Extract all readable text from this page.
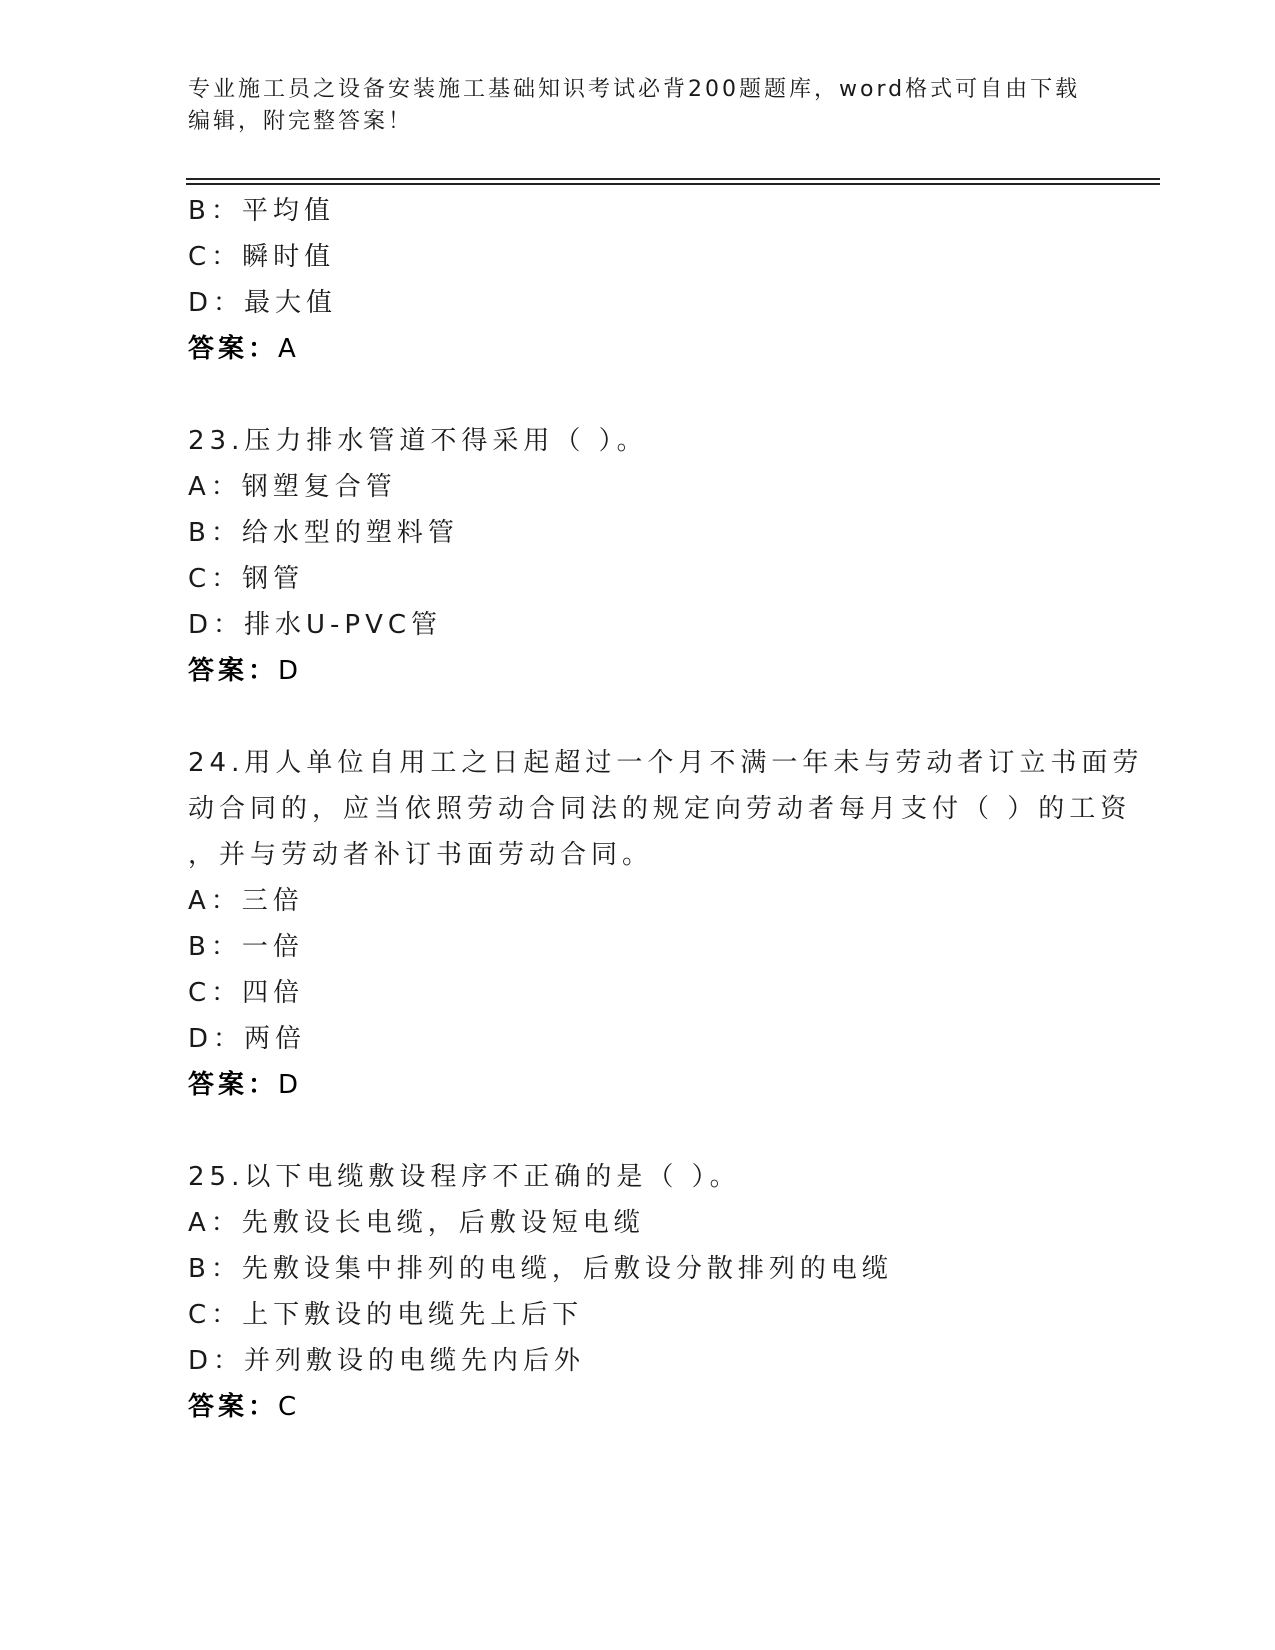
专业施工员之设备安装施工基础知识考试必背200题题库，word格式可自由下载
编辑，附完整答案！
B：平均值
C：瞬时值
D：最大值
答案：A
23.压力排水管道不得采用（ ）。
A：钢塑复合管
B：给水型的塑料管
C：钢管
D：排水U-PVC管
答案：D
24.用人单位自用工之日起超过一个月不满一年未与劳动者订立书面劳
动合同的，应当依照劳动合同法的规定向劳动者每月支付（ ）的工资
，并与劳动者补订书面劳动合同。
A：三倍
B：一倍
C：四倍
D：两倍
答案：D
25.以下电缆敷设程序不正确的是（ ）。
A：先敷设长电缆，后敷设短电缆
B：先敷设集中排列的电缆，后敷设分散排列的电缆
C：上下敷设的电缆先上后下
D：并列敷设的电缆先内后外
答案：C
